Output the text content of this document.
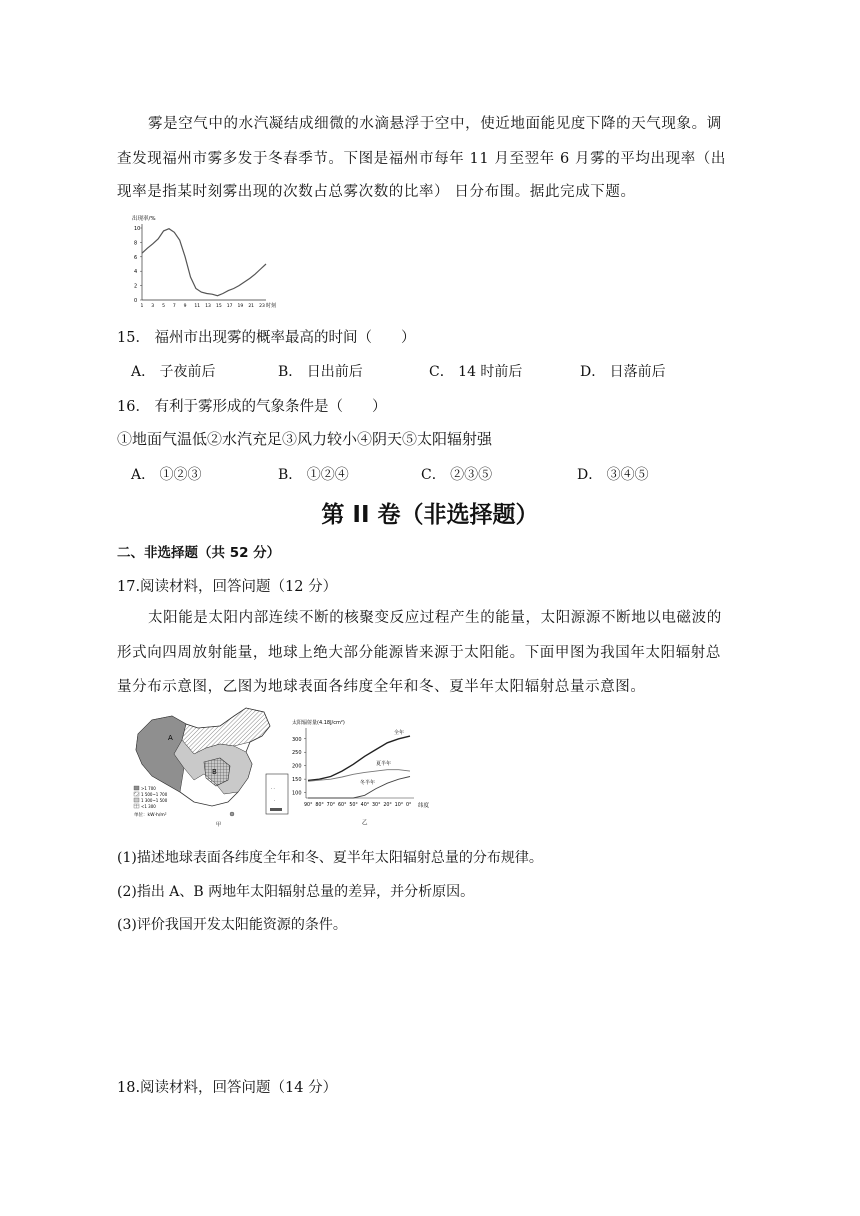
雾是空气中的水汽凝结成细微的水滴悬浮于空中，使近地面能见度下降的天气现象。调
查发现福州市雾多发于冬春季节。下图是福州市每年 11 月至翌年 6 月雾的平均出现率（出
现率是指某时刻雾出现的次数占总雾次数的比率） 日分布围。据此完成下题。
出现率/%
0
2
4
6
8
10
1 3 5 7 9 11 13 15 17 19 21 23 时刻
15． 福州市出现雾的概率最高的时间（　　）
A． 子夜前后	B． 日出前后	C． 14 时前后	D． 日落前后
16． 有利于雾形成的气象条件是（　　）
①地面气温低②水汽充足③风力较小④阴天⑤太阳辐射强
A． ①②③	B． ①②④	C． ②③⑤	D． ③④⑤
第 II 卷（非选择题）
二、非选择题（共 52 分）
17.阅读材料，回答问题（12 分）
太阳能是太阳内部连续不断的核聚变反应过程产生的能量，太阳源源不断地以电磁波的
形式向四周放射能量，地球上绝大部分能源皆来源于太阳能。下面甲图为我国年太阳辐射总
量分布示意图，乙图为地球表面各纬度全年和冬、夏半年太阳辐射总量示意图。
A
B
· ·
·
>1 700
1 500~1 700
1 300~1 500
<1 300
单位：kW·h/m²
甲
太阳辐射量(4.18J/cm²)
100
150
200
250
300
90° 80° 70° 60° 50° 40° 30° 20° 10° 0° 纬度
全年
夏半年
冬半年
乙
(1)描述地球表面各纬度全年和冬、夏半年太阳辐射总量的分布规律。
(2)指出 A、B 两地年太阳辐射总量的差异，并分析原因。
(3)评价我国开发太阳能资源的条件。
18.阅读材料，回答问题（14 分）
